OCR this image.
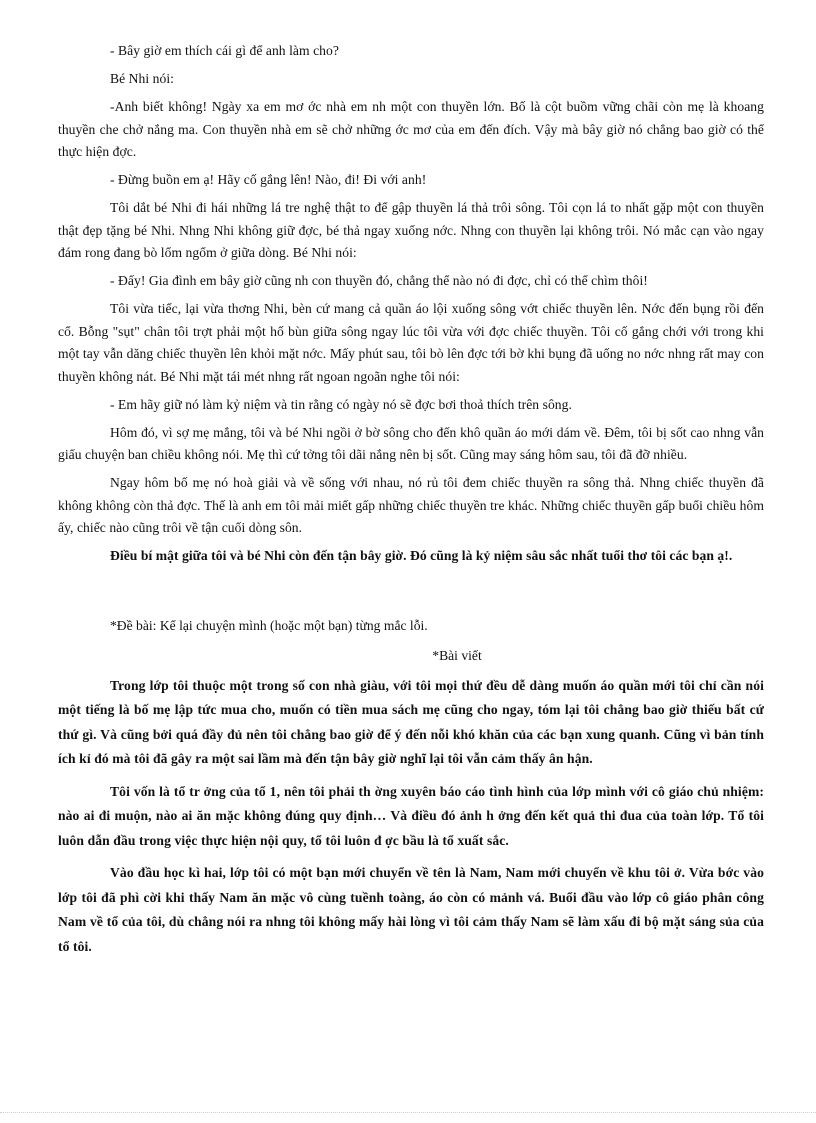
- Bây giờ em thích cái gì để anh làm cho?

Bé Nhi nói:

-Anh biết không! Ngày xa em mơ ớc nhà em nh một con thuyền lớn. Bố là cột buồm vững chãi còn mẹ là khoang thuyền che chở nắng ma. Con thuyền nhà em sẽ chở những ớc mơ của em đến đích. Vậy mà bây giờ nó chẳng bao giờ có thể thực hiện đợc.

- Đừng buồn em ạ! Hãy cố gắng lên! Nào, đi! Đi với anh!

Tôi dắt bé Nhi đi hái những lá tre nghệ thật to để gập thuyền lá thả trôi sông. Tôi cọn lá to nhất gặp một con thuyền thật đẹp tặng bé Nhi. Nhng Nhi không giữ đợc, bé thả ngay xuống nớc. Nhng con thuyền lại không trôi. Nó mắc cạn vào ngay đám rong đang bò lổm ngổm ở giữa dòng. Bé Nhi nói:

- Đấy! Gia đình em bây giờ cũng nh con thuyền đó, chẳng thể nào nó đi đợc, chỉ có thể chìm thôi!

Tôi vừa tiếc, lại vừa thơng Nhi, bèn cứ mang cả quần áo lội xuống sông vớt chiếc thuyền lên. Nớc đến bụng rồi đến cổ. Bỗng "sụt" chân tôi trợt phải một hố bùn giữa sông ngay lúc tôi vừa với đợc chiếc thuyền. Tôi cố gắng chới với trong khi một tay vẫn dăng chiếc thuyền lên khỏi mặt nớc. Mấy phút sau, tôi bò lên đợc tới bờ khi bụng đã uống no nớc nhng rất may con thuyền không nát. Bé Nhi mặt tái mét nhng rất ngoan ngoãn nghe tôi nói:

- Em hãy giữ nó làm kỷ niệm và tin rằng có ngày nó sẽ đợc bơi thoả thích trên sông.

Hôm đó, vì sợ mẹ mắng, tôi và bé Nhi ngồi ở bờ sông cho đến khô quần áo mới dám về. Đêm, tôi bị sốt cao nhng vẫn giấu chuyện ban chiều không nói. Mẹ thì cứ tởng tôi dãi nắng nên bị sốt. Cũng may sáng hôm sau, tôi đã đỡ nhiều.

Ngay hôm bố mẹ nó hoà giải và về sống với nhau, nó rủ tôi đem chiếc thuyền ra sông thả. Nhng chiếc thuyền đã không không còn thả đợc. Thế là anh em tôi mải miết gấp những chiếc thuyền tre khác. Những chiếc thuyền gấp buổi chiều hôm ấy, chiếc nào cũng trôi về tận cuối dòng sôn.

Điều bí mật giữa tôi và bé Nhi còn đến tận bây giờ. Đó cũng là kỷ niệm sâu sắc nhất tuổi thơ tôi các bạn ạ!.

*Đề bài: Kể lại chuyện mình (hoặc một bạn) từng mắc lỗi.

*Bài viết

Trong lớp tôi thuộc một trong số con nhà giàu, với tôi mọi thứ đều dễ dàng muốn áo quần mới tôi chỉ cần nói một tiếng là bố mẹ lập tức mua cho, muốn có tiền mua sách mẹ cũng cho ngay, tóm lại tôi chẳng bao giờ thiếu bất cứ thứ gì. Và cũng bởi quá đầy đủ nên tôi chẳng bao giờ để ý đến nỗi khó khăn của các bạn xung quanh. Cũng vì bản tính ích kỉ đó mà tôi đã gây ra một sai lầm mà đến tận bây giờ nghĩ lại tôi vẫn cảm thấy ân hận.

Tôi vốn là tổ tr ởng của tổ 1, nên tôi phải th ờng xuyên báo cáo tình hình của lớp mình với cô giáo chủ nhiệm: nào ai đi muộn, nào ai ăn mặc không đúng quy định… Và điều đó ảnh h ởng đến kết quả thi đua của toàn lớp. Tổ tôi luôn dẫn đầu trong việc thực hiện nội quy, tổ tôi luôn đ ợc bầu là tổ xuất sắc.

Vào đầu học kì hai, lớp tôi có một bạn mới chuyển về tên là Nam, Nam mới chuyển về khu tôi ở. Vừa bớc vào lớp tôi đã phì cời khi thấy Nam ăn mặc vô cùng tuềnh toàng, áo còn có mảnh vá. Buổi đầu vào lớp cô giáo phân công Nam về tổ của tôi, dù chẳng nói ra nhng tôi không mấy hài lòng vì tôi cảm thấy Nam sẽ làm xấu đi bộ mặt sáng sủa của tổ tôi.
